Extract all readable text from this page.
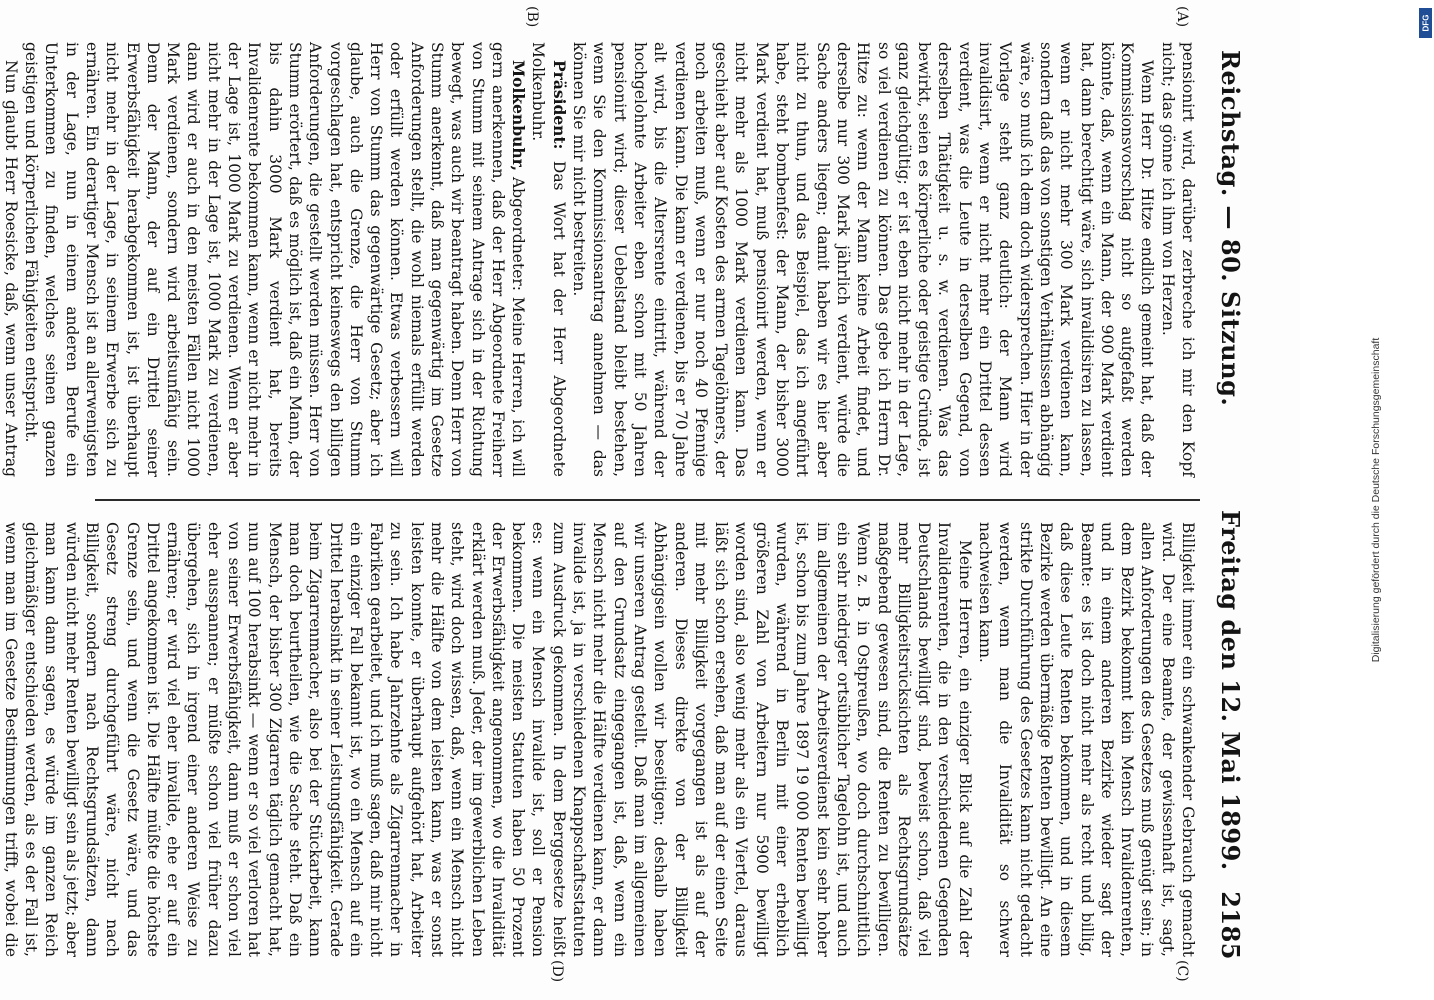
Reichstag. — 80. Sitzung.
Freitag den 12. Mai 1899.
2185
(A)
(B)
(C)
(D)

pensionirt wird, darüber zerbreche ich mir den Kopf nicht; das gönne ich ihm von Herzen.

Wenn Herr Dr. Hitze endlich gemeint hat, daß der Kommissionsvorschlag nicht so aufgefaßt werden könnte, daß, wenn ein Mann, der 900 Mark verdient hat, dann berechtigt wäre, sich invalidisiren zu lassen, wenn er nicht mehr 300 Mark verdienen kann, sondern daß das von sonstigen Verhältnissen abhängig wäre, so muß ich dem doch widersprechen. Hier in der Vorlage steht ganz deutlich: der Mann wird invalidisirt, wenn er nicht mehr ein Drittel dessen verdient, was die Leute in derselben Gegend, von derselben Thätigkeit u. s. w. verdienen. Was das bewirkt, seien es körperliche oder geistige Gründe, ist ganz gleichgültig; er ist eben nicht mehr in der Lage, so viel verdienen zu können. Das gebe ich Herrn Dr. Hitze zu: wenn der Mann keine Arbeit findet, und derselbe nur 300 Mark jährlich verdient, würde die Sache anders liegen; damit haben wir es hier aber nicht zu thun, und das Beispiel, das ich angeführt habe, steht bombenfest: der Mann, der bisher 3000 Mark verdient hat, muß pensionirt werden, wenn er nicht mehr als 1000 Mark verdienen kann. Das geschieht aber auf Kosten des armen Tagelöhners, der noch arbeiten muß, wenn er nur noch 40 Pfennige verdienen kann. Die kann er verdienen, bis er 70 Jahre alt wird, bis die Altersrente eintritt, während der hochgelohnte Arbeiter eben schon mit 50 Jahren pensionirt wird; dieser Uebelstand bleibt bestehen, wenn Sie den Kommissionsantrag annehmen — das können Sie mir nicht bestreiten.

Präsident: Das Wort hat der Herr Abgeordnete Molkenbuhr.

Molkenbuhr, Abgeordneter: Meine Herren, ich will gern anerkennen, daß der Herr Abgeordnete Freiherr von Stumm mit seinem Antrage sich in der Richtung bewegt, was auch wir beantragt haben. Denn Herr von Stumm anerkennt, daß man gegenwärtig im Gesetze Anforderungen stellt, die wohl niemals erfüllt werden oder erfüllt werden können. Etwas verbessern will Herr von Stumm das gegenwärtige Gesetz; aber ich glaube, auch die Grenze, die Herr von Stumm vorgeschlagen hat, entspricht keineswegs den billigen Anforderungen, die gestellt werden müssen. Herr von Stumm erörtert, daß es möglich ist, daß ein Mann, der bis dahin 3000 Mark verdient hat, bereits Invalidenrente bekommen kann, wenn er nicht mehr in der Lage ist, 1000 Mark zu verdienen. Wenn er aber nicht mehr in der Lage ist, 1000 Mark zu verdienen, dann wird er auch in den meisten Fällen nicht 1000 Mark verdienen, sondern wird arbeitsunfähig sein. Denn der Mann, der auf ein Drittel seiner Erwerbsfähigkeit herabgekommen ist, ist überhaupt nicht mehr in der Lage, in seinem Erwerbe sich zu ernähren. Ein derartiger Mensch ist an allerwenigsten in der Lage, nun in einem anderen Berufe ein Unterkommen zu finden, welches seinen ganzen geistigen und körperlichen Fähigkeiten entspricht.

Nun glaubt Herr Roesicke, daß, wenn unser Antrag

Billigkeit immer ein schwankender Gebrauch gemacht wird. Der eine Beamte, der gewissenhaft ist, sagt, allen Anforderungen des Gesetzes muß genügt sein; in dem Bezirk bekommt kein Mensch Invalidenrenten, und in einem anderen Bezirke wieder sagt der Beamte: es ist doch nicht mehr als recht und billig, daß diese Leute Renten bekommen, und in diesem Bezirke werden übermäßige Renten bewilligt. An eine strikte Durchführung des Gesetzes kann nicht gedacht werden, wenn man die Invalidität so schwer nachweisen kann.

Meine Herren, ein einziger Blick auf die Zahl der Invalidenrenten, die in den verschiedenen Gegenden Deutschlands bewilligt sind, beweist schon, daß viel mehr Billigkeitsrücksichten als Rechtsgrundsätze maßgebend gewesen sind, die Renten zu bewilligen. Wenn z. B. in Ostpreußen, wo doch durchschnittlich ein sehr niedriger ortsüblicher Tagelohn ist, und auch im allgemeinen der Arbeitsverdienst kein sehr hoher ist, schon bis zum Jahre 1897 19 000 Renten bewilligt wurden, während in Berlin mit einer erheblich größeren Zahl von Arbeitern nur 5900 bewilligt worden sind, also wenig mehr als ein Viertel, daraus läßt sich schon ersehen, daß man auf der einen Seite mit mehr Billigkeit vorgegangen ist als auf der anderen. Dieses direkte von der Billigkeit Abhängigsein wollen wir beseitigen; deshalb haben wir unseren Antrag gestellt. Daß man im allgemeinen auf den Grundsatz eingegangen ist, daß, wenn ein Mensch nicht mehr die Hälfte verdienen kann, er dann invalide ist, ja in verschiedenen Knappschaftsstatuten zum Ausdruck gekommen. In dem Berggesetze heißt es: wenn ein Mensch invalide ist, soll er Pension bekommen. Die meisten Statuten haben 50 Prozent der Erwerbsfähigkeit angenommen, wo die Invalidität erklärt werden muß. Jeder, der im gewerblichen Leben steht, wird doch wissen, daß, wenn ein Mensch nicht mehr die Hälfte von dem leisten kann, was er sonst leisten konnte, er überhaupt aufgehört hat, Arbeiter zu sein. Ich habe Jahrzehnte als Zigarrenmacher in Fabriken gearbeitet, und ich muß sagen, daß mir nicht ein einziger Fall bekannt ist, wo ein Mensch auf ein Drittel herabsinkt in seiner Leistungsfähigkeit. Gerade beim Zigarrenmacher, also bei der Stückarbeit, kann man doch beurtheilen, wie die Sache steht. Daß ein Mensch, der bisher 300 Zigarren täglich gemacht hat, nun auf 100 herabsinkt — wenn er so viel verloren hat von seiner Erwerbsfähigkeit, dann muß er schon viel eher ausspannen; er müßte schon viel früher dazu übergehen, sich in irgend einer anderen Weise zu ernähren; er wird viel eher invalide, ehe er auf ein Drittel angekommen ist. Die Hälfte müßte die höchste Grenze sein, und wenn die Gesetz wäre, und das Gesetz streng durchgeführt wäre, nicht nach Billigkeit, sondern nach Rechtsgrundsätzen, dann würden nicht mehr Renten bewilligt sein als jetzt; aber man kann dann sagen, es würde im ganzen Reich gleichmäßiger entschieden werden, als es der Fall ist, wenn man im Gesetze Bestimmungen trifft, wobei die

Digitalisierung gefördert durch die Deutsche Forschungsgemeinschaft
DFG
